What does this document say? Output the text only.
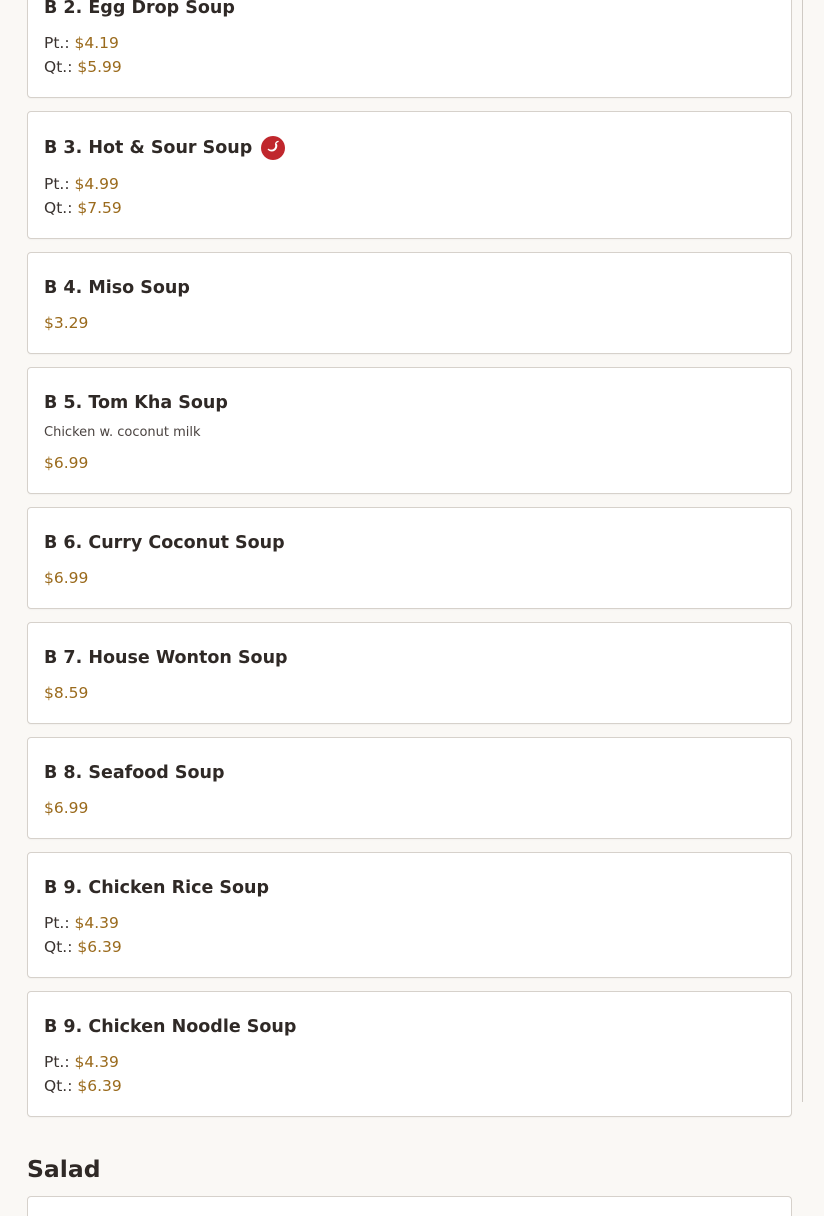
B 2. Egg Drop Soup
Pt.: $4.19
Qt.: $5.99
B 3. Hot & Sour Soup
Pt.: $4.99
Qt.: $7.59
B 4. Miso Soup
$3.29
B 5. Tom Kha Soup
Chicken w. coconut milk
$6.99
B 6. Curry Coconut Soup
$6.99
B 7. House Wonton Soup
$8.59
B 8. Seafood Soup
$6.99
B 9. Chicken Rice Soup
Pt.: $4.39
Qt.: $6.39
B 9. Chicken Noodle Soup
Pt.: $4.39
Qt.: $6.39
Salad
